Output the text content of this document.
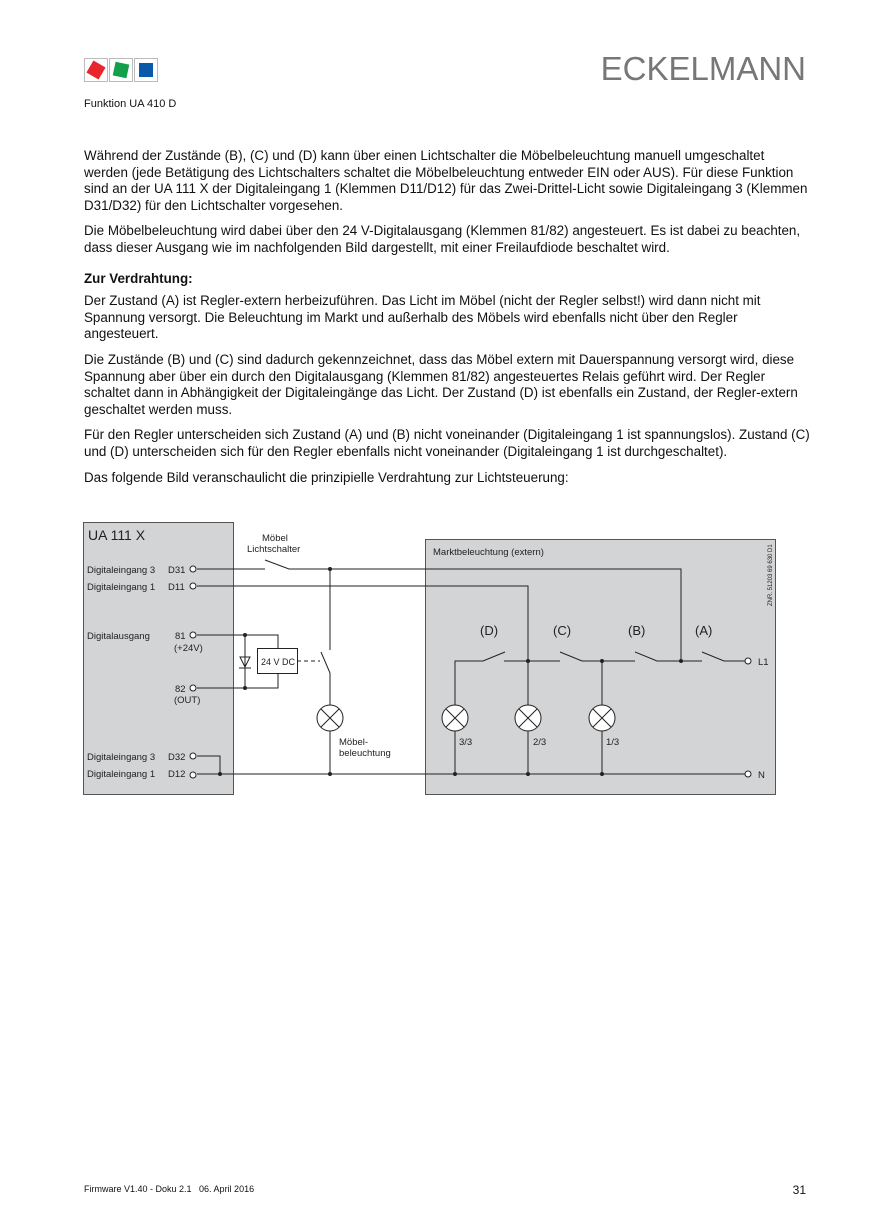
ECKELMANN
Funktion UA 410 D

Während der Zustände (B), (C) und (D) kann über einen Lichtschalter die Möbelbeleuchtung manuell umgeschaltet werden (jede Betätigung des Lichtschalters schaltet die Möbelbeleuchtung entweder EIN oder AUS). Für diese Funktion sind an der UA 111 X der Digitaleingang 1 (Klemmen D11/D12) für das Zwei-Drittel-Licht sowie Digitaleingang 3 (Klemmen D31/D32) für den Lichtschalter vorgesehen.

Die Möbelbeleuchtung wird dabei über den 24 V-Digitalausgang (Klemmen 81/82) angesteuert. Es ist dabei zu beachten, dass dieser Ausgang wie im nachfolgenden Bild dargestellt, mit einer Freilaufdiode beschaltet wird.

Zur Verdrahtung:

Der Zustand (A) ist Regler-extern herbeizuführen. Das Licht im Möbel (nicht der Regler selbst!) wird dann nicht mit Spannung versorgt. Die Beleuchtung im Markt und außerhalb des Möbels wird ebenfalls nicht über den Regler angesteuert.

Die Zustände (B) und (C) sind dadurch gekennzeichnet, dass das Möbel extern mit Dauerspannung versorgt wird, diese Spannung aber über ein durch den Digitalausgang (Klemmen 81/82) angesteuertes Relais geführt wird. Der Regler schaltet dann in Abhängigkeit der Digitaleingänge das Licht. Der Zustand (D) ist ebenfalls ein Zustand, der Regler-extern geschaltet werden muss.

Für den Regler unterscheiden sich Zustand (A) und (B) nicht voneinander (Digitaleingang 1 ist spannungslos). Zustand (C) und (D) unterscheiden sich für den Regler ebenfalls nicht voneinander (Digitaleingang 1 ist durchgeschaltet).

Das folgende Bild veranschaulicht die prinzipielle Verdrahtung zur Lichtsteuerung:

UA 111 X
Digitaleingang 3 D31
Digitaleingang 1 D11
Digitalausgang	81
(+24V)
82
(OUT)
Digitaleingang 3 D32
Digitaleingang 1 D12
Möbel
Lichtschalter
24 V DC
Möbel-
beleuchtung
Marktbeleuchtung (extern)	ZNR. 51203 69 630 D1
(D)	(C)	(B)	(A)
L1
N
3/3	2/3	1/3
Firmware V1.40 - Doku 2.1   06. April 2016	31
